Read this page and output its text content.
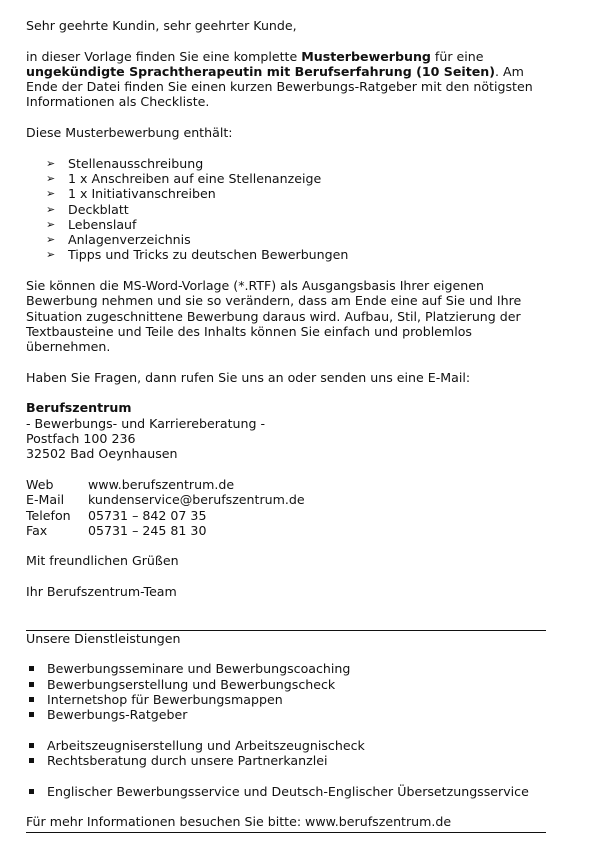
Sehr geehrte Kundin, sehr geehrter Kunde,

in dieser Vorlage finden Sie eine komplette Musterbewerbung für eine ungekündigte Sprachtherapeutin mit Berufserfahrung (10 Seiten). Am Ende der Datei finden Sie einen kurzen Bewerbungs-Ratgeber mit den nötigsten Informationen als Checkliste.

Diese Musterbewerbung enthält:

➢ Stellenausschreibung
➢ 1 x Anschreiben auf eine Stellenanzeige
➢ 1 x Initiativanschreiben
➢ Deckblatt
➢ Lebenslauf
➢ Anlagenverzeichnis
➢ Tipps und Tricks zu deutschen Bewerbungen

Sie können die MS-Word-Vorlage (*.RTF) als Ausgangsbasis Ihrer eigenen Bewerbung nehmen und sie so verändern, dass am Ende eine auf Sie und Ihre Situation zugeschnittene Bewerbung daraus wird. Aufbau, Stil, Platzierung der Textbausteine und Teile des Inhalts können Sie einfach und problemlos übernehmen.

Haben Sie Fragen, dann rufen Sie uns an oder senden uns eine E-Mail:

Berufszentrum

- Bewerbungs- und Karriereberatung -

Postfach 100 236

32502 Bad Oeynhausen

Web	www.berufszentrum.de
E-Mail	kundenservice@berufszentrum.de
Telefon	05731 – 842 07 35
Fax	05731 – 245 81 30

Mit freundlichen Grüßen

Ihr Berufszentrum-Team

Unsere Dienstleistungen

Bewerbungsseminare und Bewerbungscoaching
Bewerbungserstellung und Bewerbungscheck
Internetshop für Bewerbungsmappen
Bewerbungs-Ratgeber
Arbeitszeugniserstellung und Arbeitszeugnischeck
Rechtsberatung durch unsere Partnerkanzlei
Englischer Bewerbungsservice und Deutsch-Englischer Übersetzungsservice

Für mehr Informationen besuchen Sie bitte: www.berufszentrum.de
